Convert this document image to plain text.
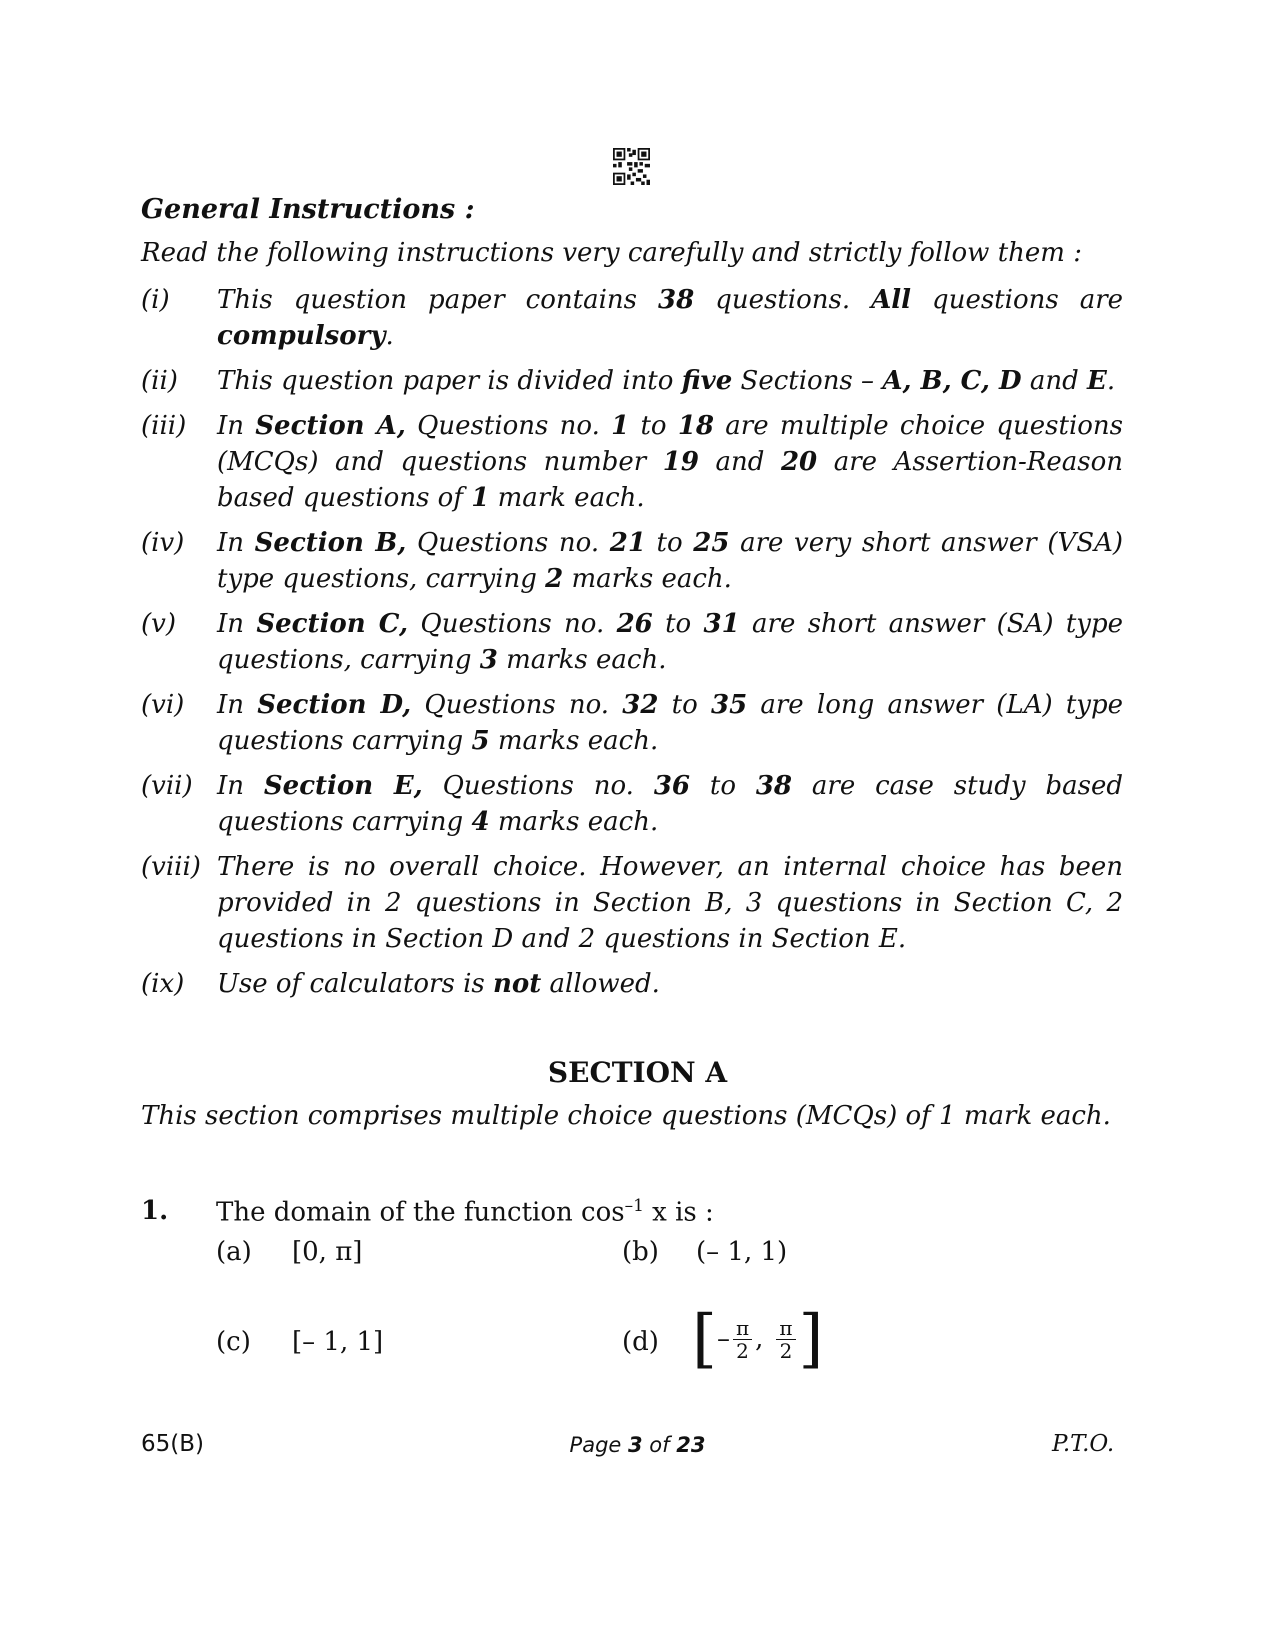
General Instructions :
Read the following instructions very carefully and strictly follow them :
(i)	This question paper contains 38 questions. All questions are compulsory.
(ii)	This question paper is divided into five Sections – A, B, C, D and E.
(iii)	In Section A, Questions no. 1 to 18 are multiple choice questions (MCQs) and questions number 19 and 20 are Assertion-Reason based questions of 1 mark each.
(iv)	In Section B, Questions no. 21 to 25 are very short answer (VSA) type questions, carrying 2 marks each.
(v)	In Section C, Questions no. 26 to 31 are short answer (SA) type questions, carrying 3 marks each.
(vi)	In Section D, Questions no. 32 to 35 are long answer (LA) type questions carrying 5 marks each.
(vii) In Section E, Questions no. 36 to 38 are case study based questions carrying 4 marks each.
(viii) There is no overall choice. However, an internal choice has been provided in 2 questions in Section B, 3 questions in Section C, 2 questions in Section D and 2 questions in Section E.
(ix)	Use of calculators is not allowed.
SECTION A
This section comprises multiple choice questions (MCQs) of 1 mark each.
1. The domain of the function $\cos^{-1} x$ is :
(a) [0, π]	(b) (– 1, 1)
(c) [– 1, 1]	(d) [– $\frac{\pi}{2}$ , $\frac{\pi}{2}$ ]
65(B)	Page 3 of 23	P.T.O.
